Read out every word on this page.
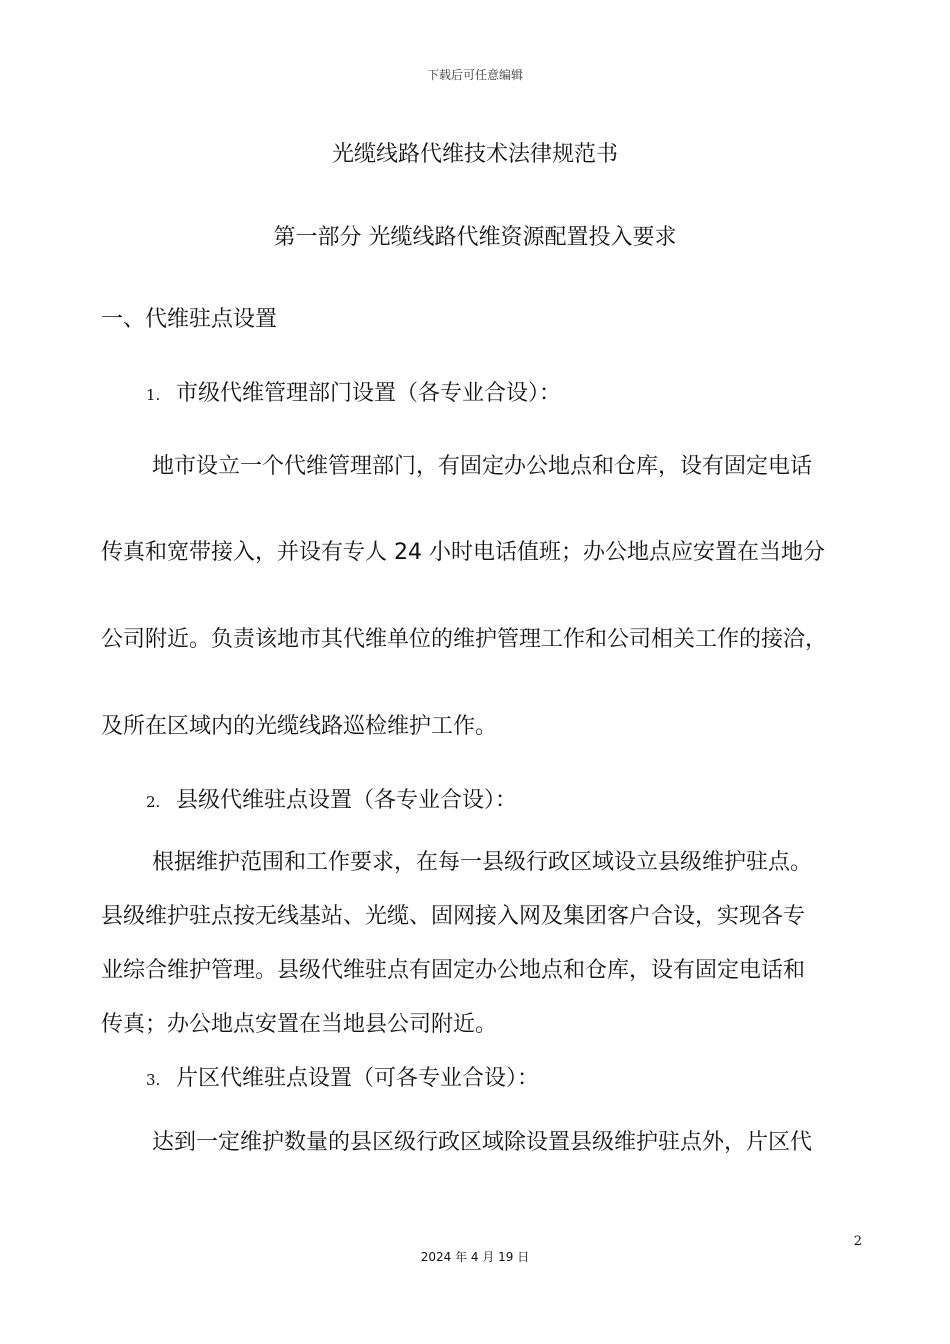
下载后可任意编辑
光缆线路代维技术法律规范书
第一部分 光缆线路代维资源配置投入要求
一、代维驻点设置
1. 市级代维管理部门设置（各专业合设）：
地市设立一个代维管理部门，有固定办公地点和仓库，设有固定电话
传真和宽带接入，并设有专人 24 小时电话值班；办公地点应安置在当地分
公司附近。负责该地市其代维单位的维护管理工作和公司相关工作的接洽，
及所在区域内的光缆线路巡检维护工作。
2. 县级代维驻点设置（各专业合设）：
根据维护范围和工作要求，在每一县级行政区域设立县级维护驻点。
县级维护驻点按无线基站、光缆、固网接入网及集团客户合设，实现各专
业综合维护管理。县级代维驻点有固定办公地点和仓库，设有固定电话和
传真；办公地点安置在当地县公司附近。
3. 片区代维驻点设置（可各专业合设）：
达到一定维护数量的县区级行政区域除设置县级维护驻点外，片区代
2
2024 年 4 月 19 日
